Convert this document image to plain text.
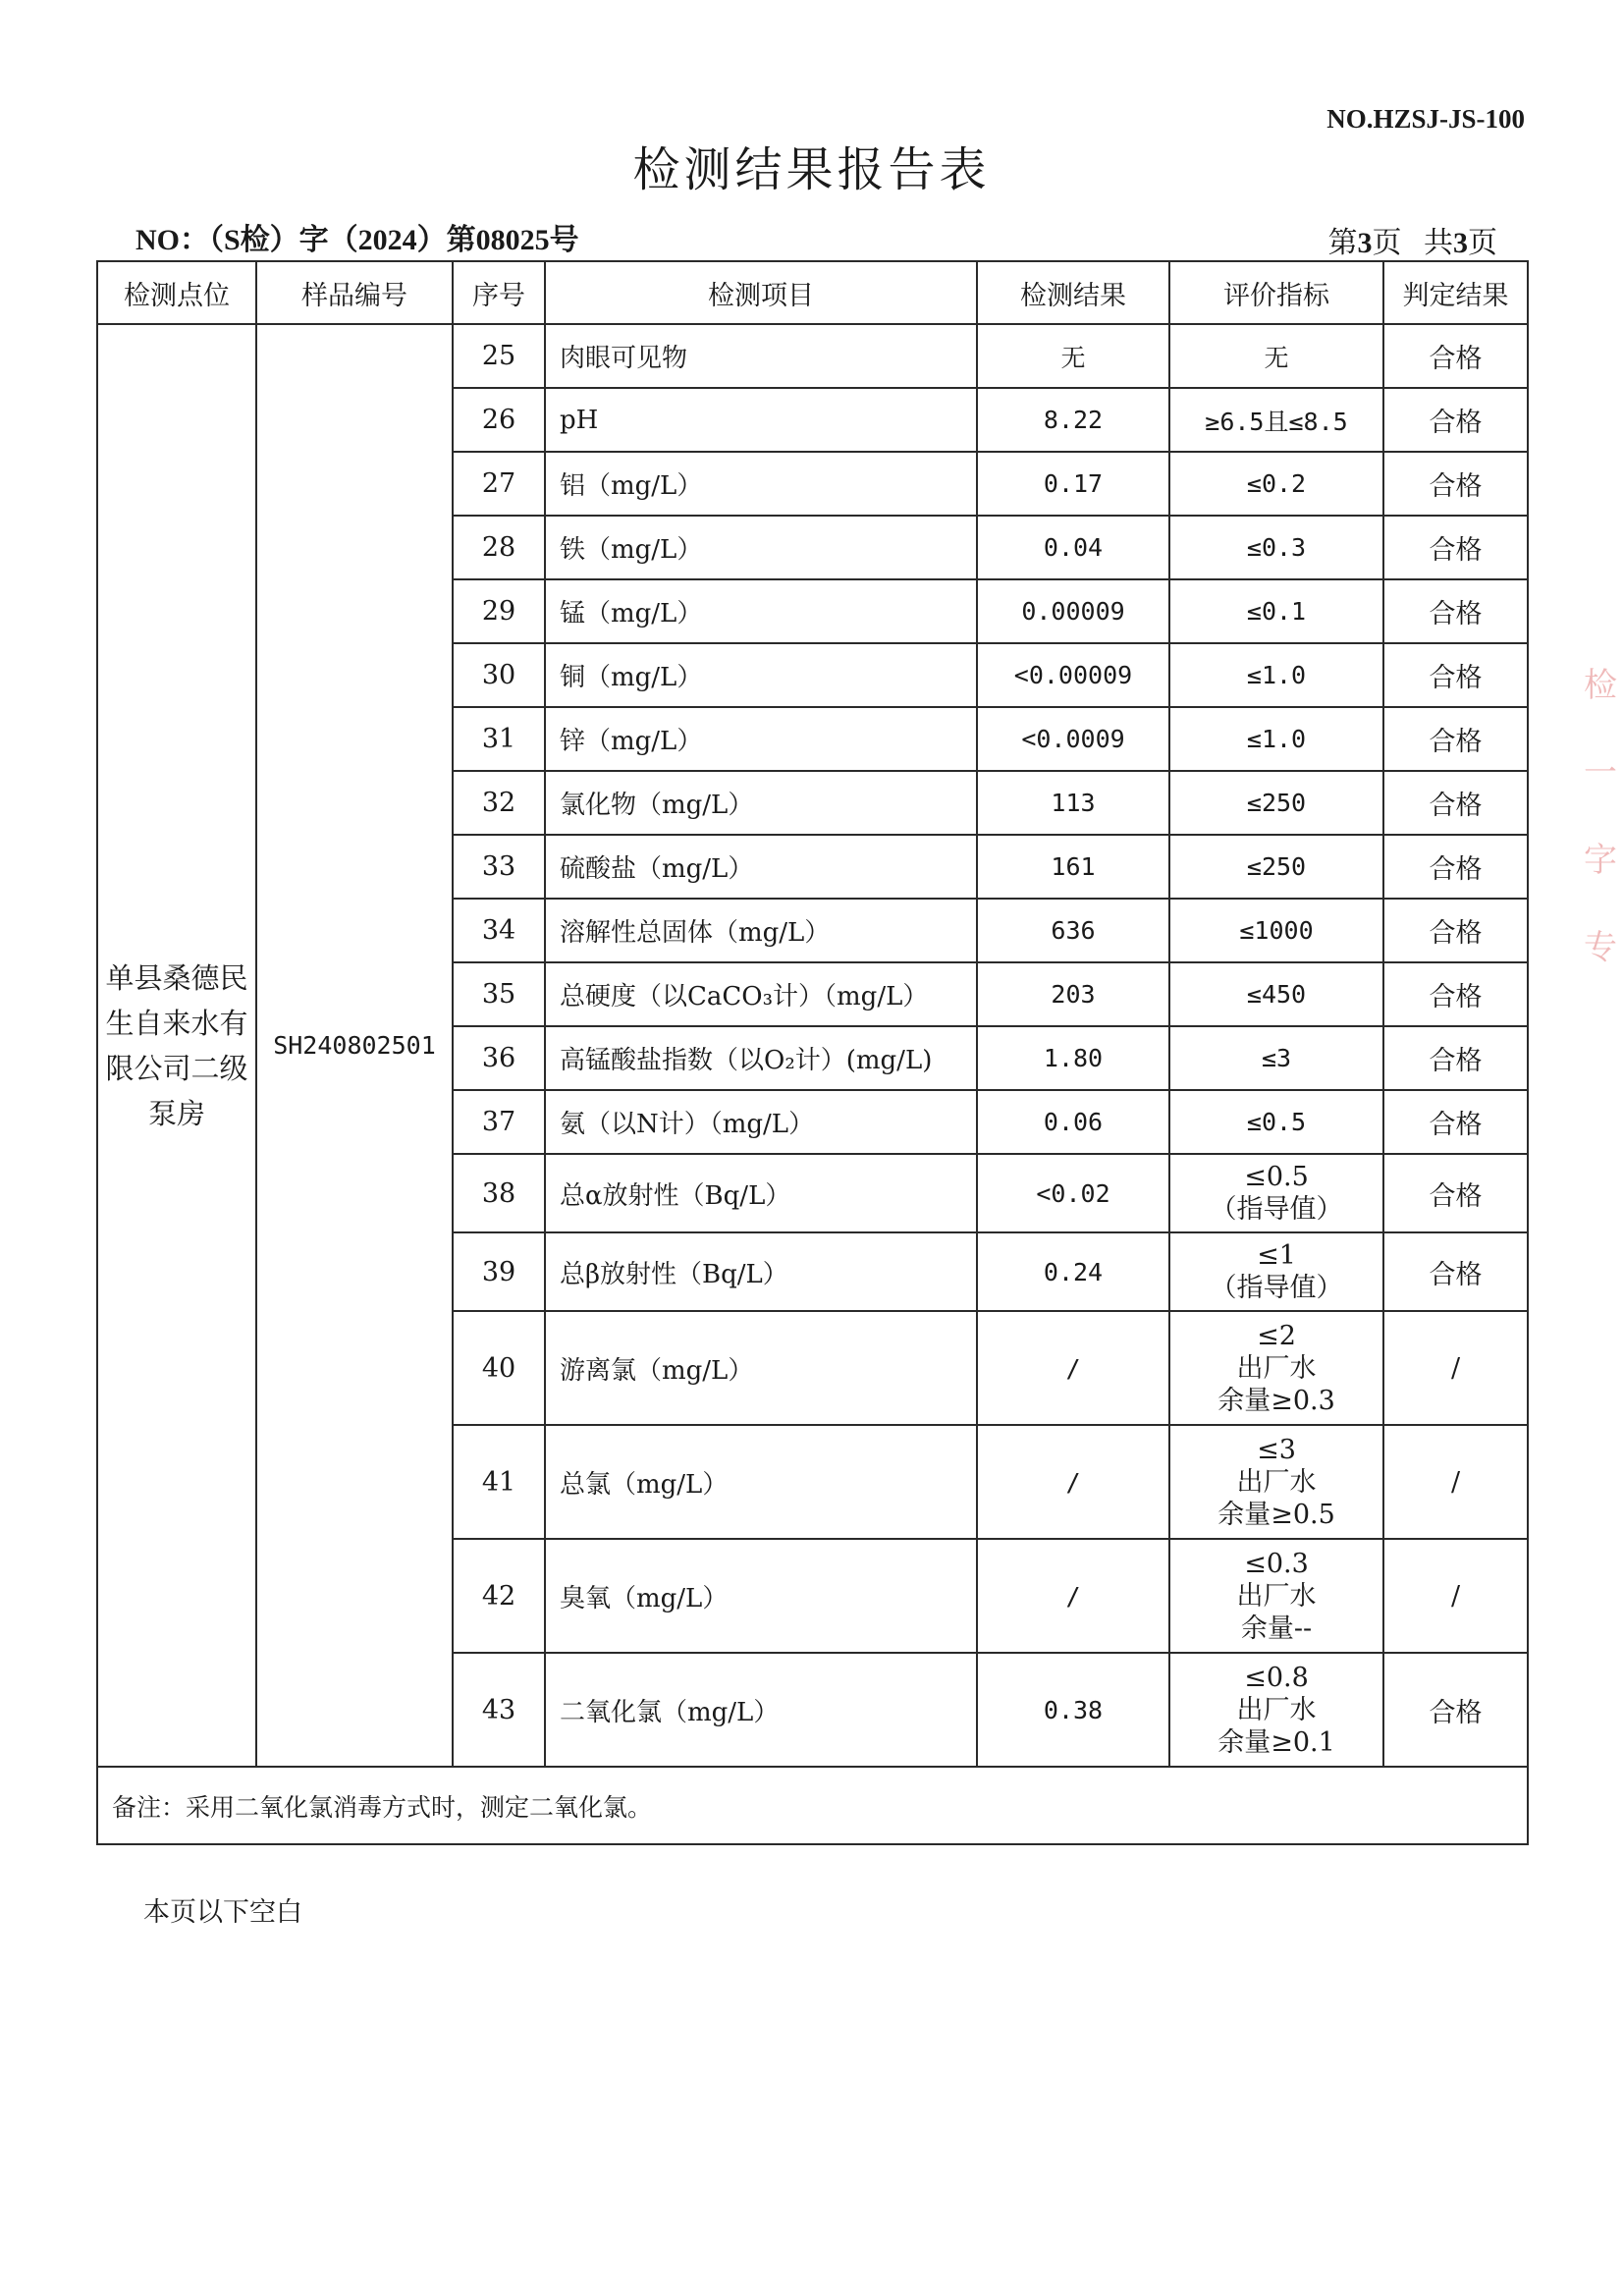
NO.HZSJ-JS-100
检测结果报告表
NO：（S检）字（2024）第08025号	第3页 共3页
检测点位	样品编号	序号	检测项目	检测结果	评价指标	判定结果
单县桑德民生自来水有限公司二级泵房	SH240802501	25	肉眼可见物	无	无	合格
		26	pH	8.22	≥6.5且≤8.5	合格
		27	铝（mg/L）	0.17	≤0.2	合格
		28	铁（mg/L）	0.04	≤0.3	合格
		29	锰（mg/L）	0.00009	≤0.1	合格
		30	铜（mg/L）	<0.00009	≤1.0	合格
		31	锌（mg/L）	<0.0009	≤1.0	合格
		32	氯化物（mg/L）	113	≤250	合格
		33	硫酸盐（mg/L）	161	≤250	合格
		34	溶解性总固体（mg/L）	636	≤1000	合格
		35	总硬度（以CaCO₃计）（mg/L）	203	≤450	合格
		36	高锰酸盐指数（以O₂计）(mg/L)	1.80	≤3	合格
		37	氨（以N计）（mg/L）	0.06	≤0.5	合格
		38	总α放射性（Bq/L）	<0.02	≤0.5
（指导值）	合格
		39	总β放射性（Bq/L）	0.24	≤1
（指导值）	合格
		40	游离氯（mg/L）	/	≤2
出厂水
余量≥0.3	/
		41	总氯（mg/L）	/	≤3
出厂水
余量≥0.5	/
		42	臭氧（mg/L）	/	≤0.3
出厂水
余量--	/
		43	二氧化氯（mg/L）	0.38	≤0.8
出厂水
余量≥0.1	合格
备注：采用二氧化氯消毒方式时，测定二氧化氯。						
本页以下空白
检
一
字
专
